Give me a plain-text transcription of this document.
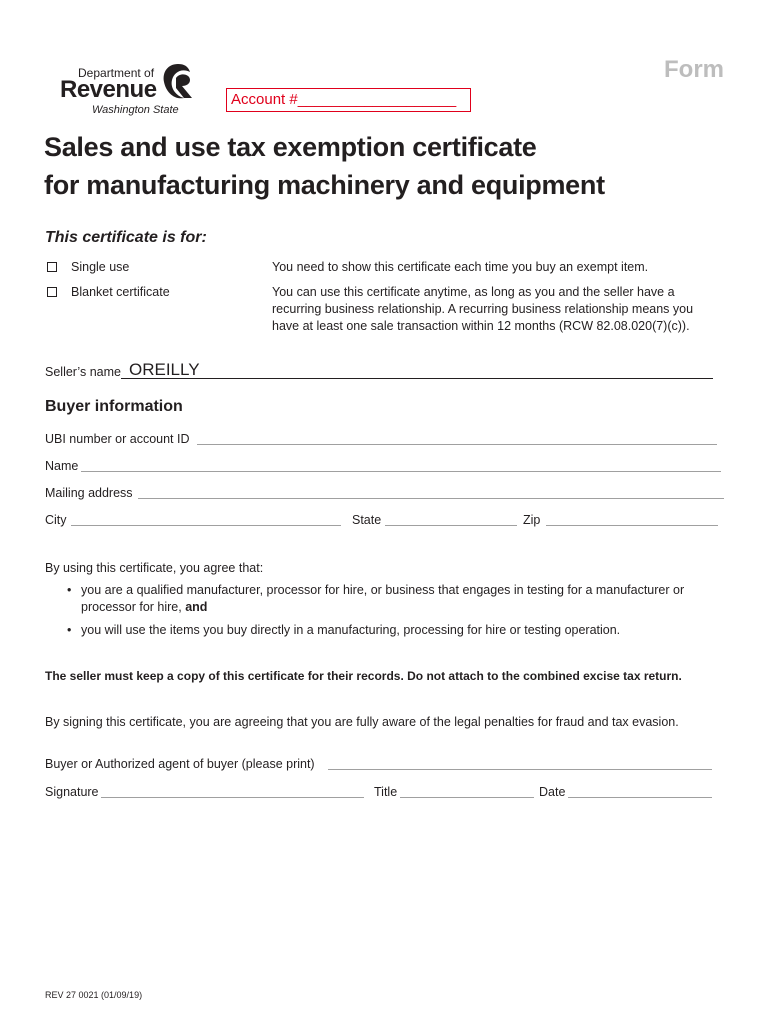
Department of
Revenue
Washington State
Form
Account #___________________
Sales and use tax exemption certificate
for manufacturing machinery and equipment
This certificate is for:
Single use	You need to show this certificate each time you buy an exempt item.
Blanket certificate	You can use this certificate anytime, as long as you and the seller have a
recurring business relationship. A recurring business relationship means you
have at least one sale transaction within 12 months (RCW 82.08.020(7)(c)).
Seller’s name OREILLY
Buyer information
UBI number or account ID
Name
Mailing address
City	State	Zip
By using this certificate, you agree that:
• you are a qualified manufacturer, processor for hire, or business that engages in testing for a manufacturer or
processor for hire, and
• you will use the items you buy directly in a manufacturing, processing for hire or testing operation.
The seller must keep a copy of this certificate for their records. Do not attach to the combined excise tax return.
By signing this certificate, you are agreeing that you are fully aware of the legal penalties for fraud and tax evasion.
Buyer or Authorized agent of buyer (please print)
Signature	Title	Date
REV 27 0021 (01/09/19)
